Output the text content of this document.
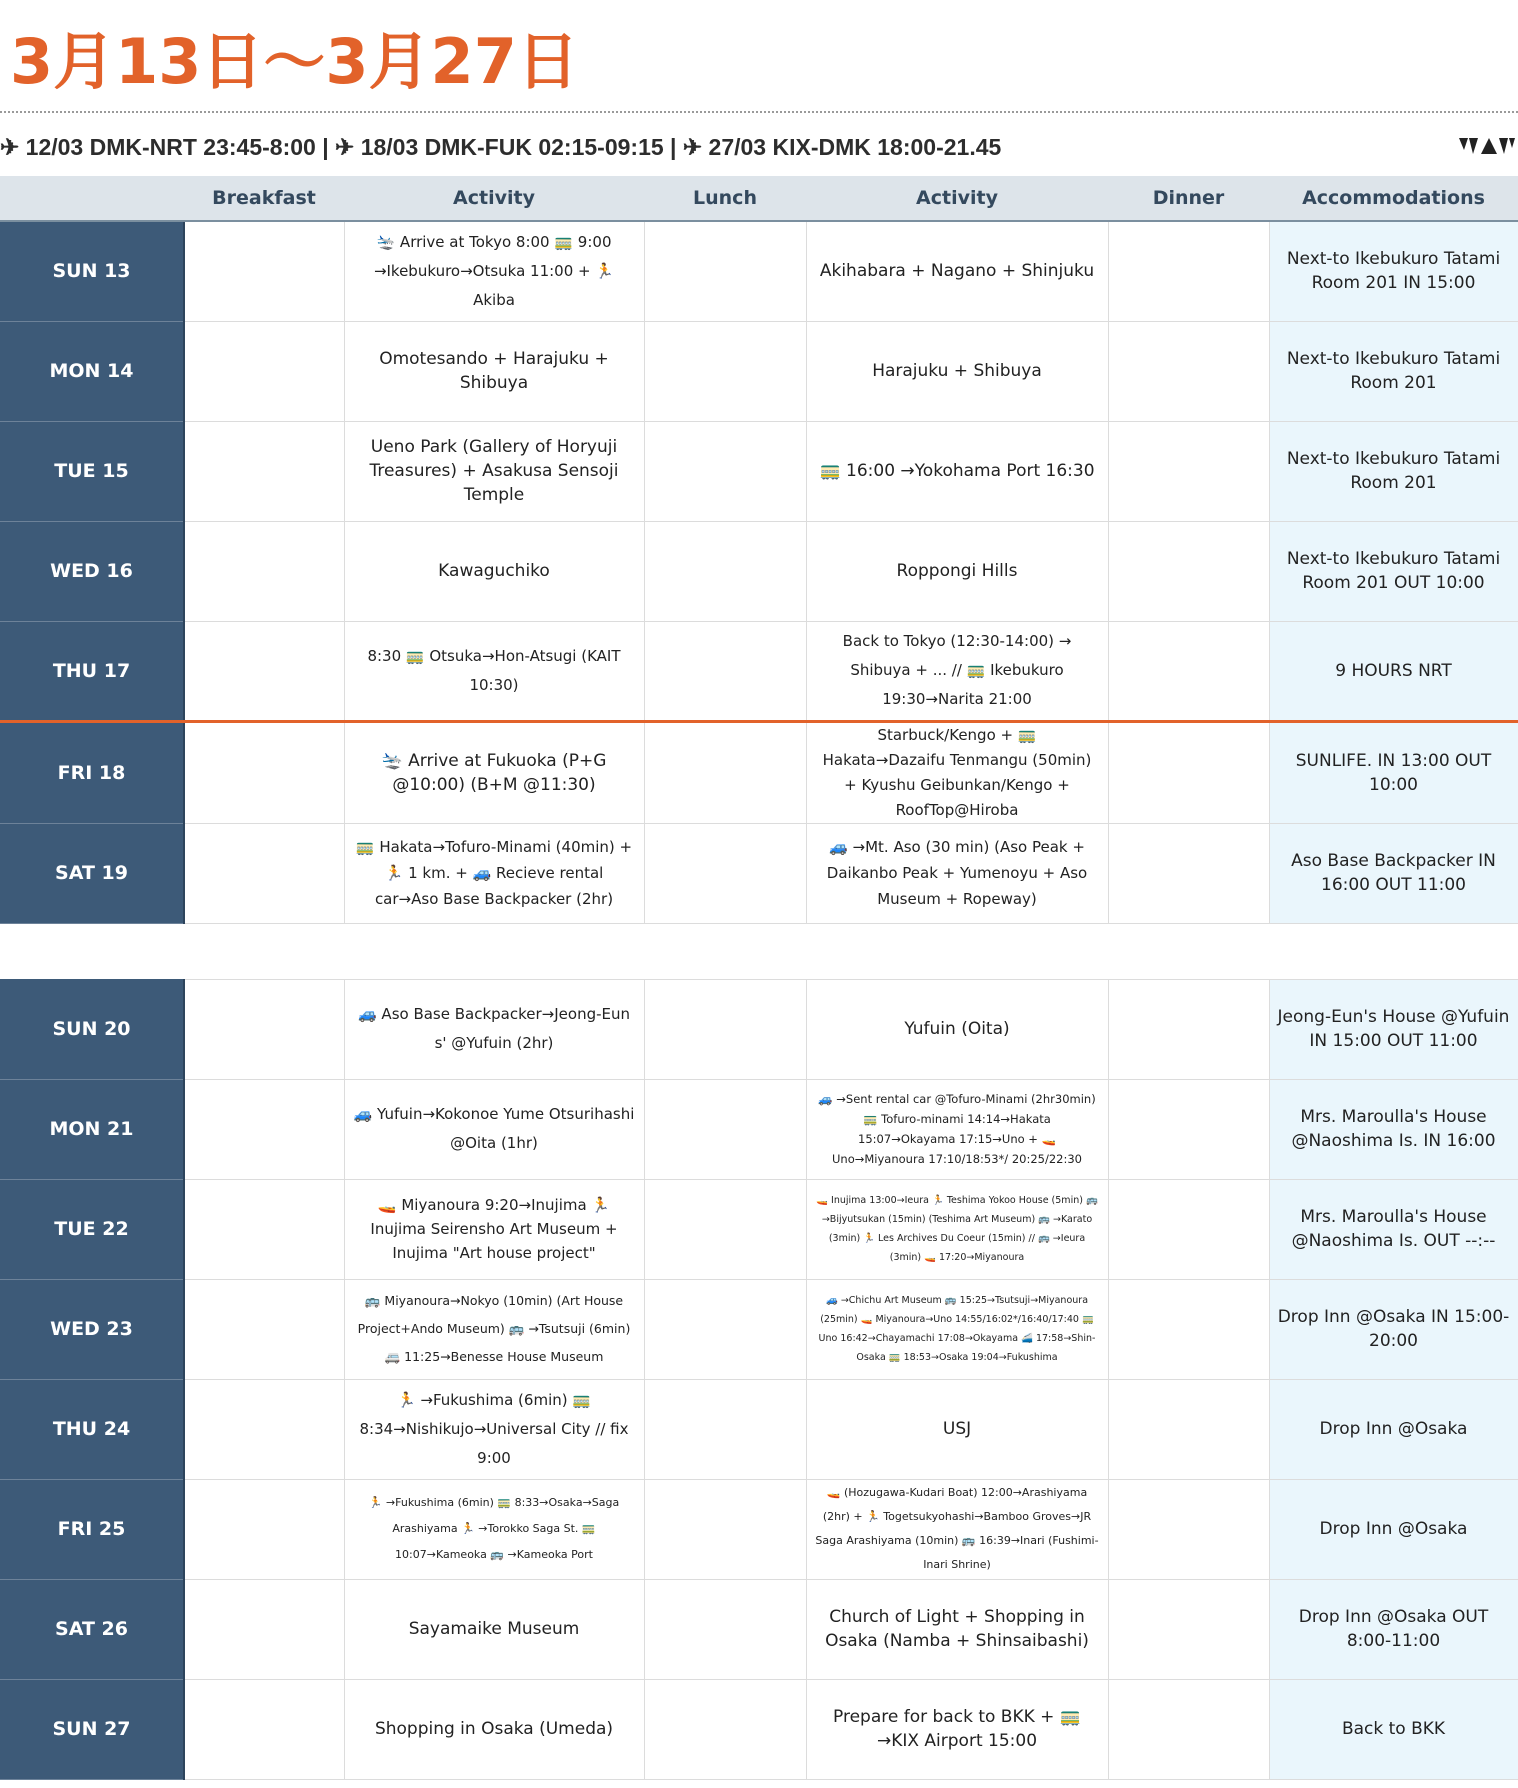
3月13日～3月27日
✈ 12/03 DMK-NRT 23:45-8:00 | ✈ 18/03 DMK-FUK 02:15-09:15 | ✈ 27/03 KIX-DMK 18:00-21.45
	Breakfast	Activity	Lunch	Activity	Dinner	Accommodations
SUN 13		🛬 Arrive at Tokyo 8:00 🚃 9:00 →Ikebukuro→Otsuka 11:00 + 🏃 Akiba		Akihabara + Nagano + Shinjuku		Next-to Ikebukuro Tatami Room 201 IN 15:00
MON 14		Omotesando + Harajuku + Shibuya		Harajuku + Shibuya		Next-to Ikebukuro Tatami Room 201
TUE 15		Ueno Park (Gallery of Horyuji Treasures) + Asakusa Sensoji Temple		🚃 16:00 →Yokohama Port 16:30		Next-to Ikebukuro Tatami Room 201
WED 16		Kawaguchiko		Roppongi Hills		Next-to Ikebukuro Tatami Room 201 OUT 10:00
THU 17		8:30 🚃 Otsuka→Hon-Atsugi (KAIT 10:30)		Back to Tokyo (12:30-14:00) → Shibuya + ... // 🚃 Ikebukuro 19:30→Narita 21:00		9 HOURS NRT
FRI 18		🛬 Arrive at Fukuoka (P+G @10:00) (B+M @11:30)		Starbuck/Kengo + 🚃 Hakata→Dazaifu Tenmangu (50min) + Kyushu Geibunkan/Kengo + RoofTop@Hiroba		SUNLIFE. IN 13:00 OUT 10:00
SAT 19		🚃 Hakata→Tofuro-Minami (40min) + 🏃 1 km. + 🚙 Recieve rental car→Aso Base Backpacker (2hr)		🚙 →Mt. Aso (30 min) (Aso Peak + Daikanbo Peak + Yumenoyu + Aso Museum + Ropeway)		Aso Base Backpacker IN 16:00 OUT 11:00

SUN 20		🚙 Aso Base Backpacker→Jeong-Eun s' @Yufuin (2hr)		Yufuin (Oita)		Jeong-Eun's House @Yufuin IN 15:00 OUT 11:00
MON 21		🚙 Yufuin→Kokonoe Yume Otsurihashi @Oita (1hr)		🚙 →Sent rental car @Tofuro-Minami (2hr30min) 🚃 Tofuro-minami 14:14→Hakata 15:07→Okayama 17:15→Uno + 🚤 Uno→Miyanoura 17:10/18:53*/ 20:25/22:30		Mrs. Maroulla's House @Naoshima Is. IN 16:00
TUE 22		🚤 Miyanoura 9:20→Inujima 🏃 Inujima Seirensho Art Museum + Inujima "Art house project"		🚤 Inujima 13:00→Ieura 🏃 Teshima Yokoo House (5min) 🚌 →Bijyutsukan (15min) (Teshima Art Museum) 🚌 →Karato (3min) 🏃 Les Archives Du Coeur (15min) // 🚌 →Ieura (3min) 🚤 17:20→Miyanoura		Mrs. Maroulla's House @Naoshima Is. OUT --:--
WED 23		🚌 Miyanoura→Nokyo (10min) (Art House Project+Ando Museum) 🚌 →Tsutsuji (6min) 🚐 11:25→Benesse House Museum		🚙 →Chichu Art Museum 🚌 15:25→Tsutsuji→Miyanoura (25min) 🚤 Miyanoura→Uno 14:55/16:02*/16:40/17:40 🚃 Uno 16:42→Chayamachi 17:08→Okayama 🚄 17:58→Shin-Osaka 🚃 18:53→Osaka 19:04→Fukushima		Drop Inn @Osaka IN 15:00-20:00
THU 24		🏃 →Fukushima (6min) 🚃 8:34→Nishikujo→Universal City // fix 9:00		USJ		Drop Inn @Osaka
FRI 25		🏃 →Fukushima (6min) 🚃 8:33→Osaka→Saga Arashiyama 🏃 →Torokko Saga St. 🚃 10:07→Kameoka 🚌 →Kameoka Port		🚤 (Hozugawa-Kudari Boat) 12:00→Arashiyama (2hr) + 🏃 Togetsukyohashi→Bamboo Groves→JR Saga Arashiyama (10min) 🚌 16:39→Inari (Fushimi-Inari Shrine)		Drop Inn @Osaka
SAT 26		Sayamaike Museum		Church of Light + Shopping in Osaka (Namba + Shinsaibashi)		Drop Inn @Osaka OUT 8:00-11:00
SUN 27		Shopping in Osaka (Umeda)		Prepare for back to BKK + 🚃 →KIX Airport 15:00		Back to BKK
